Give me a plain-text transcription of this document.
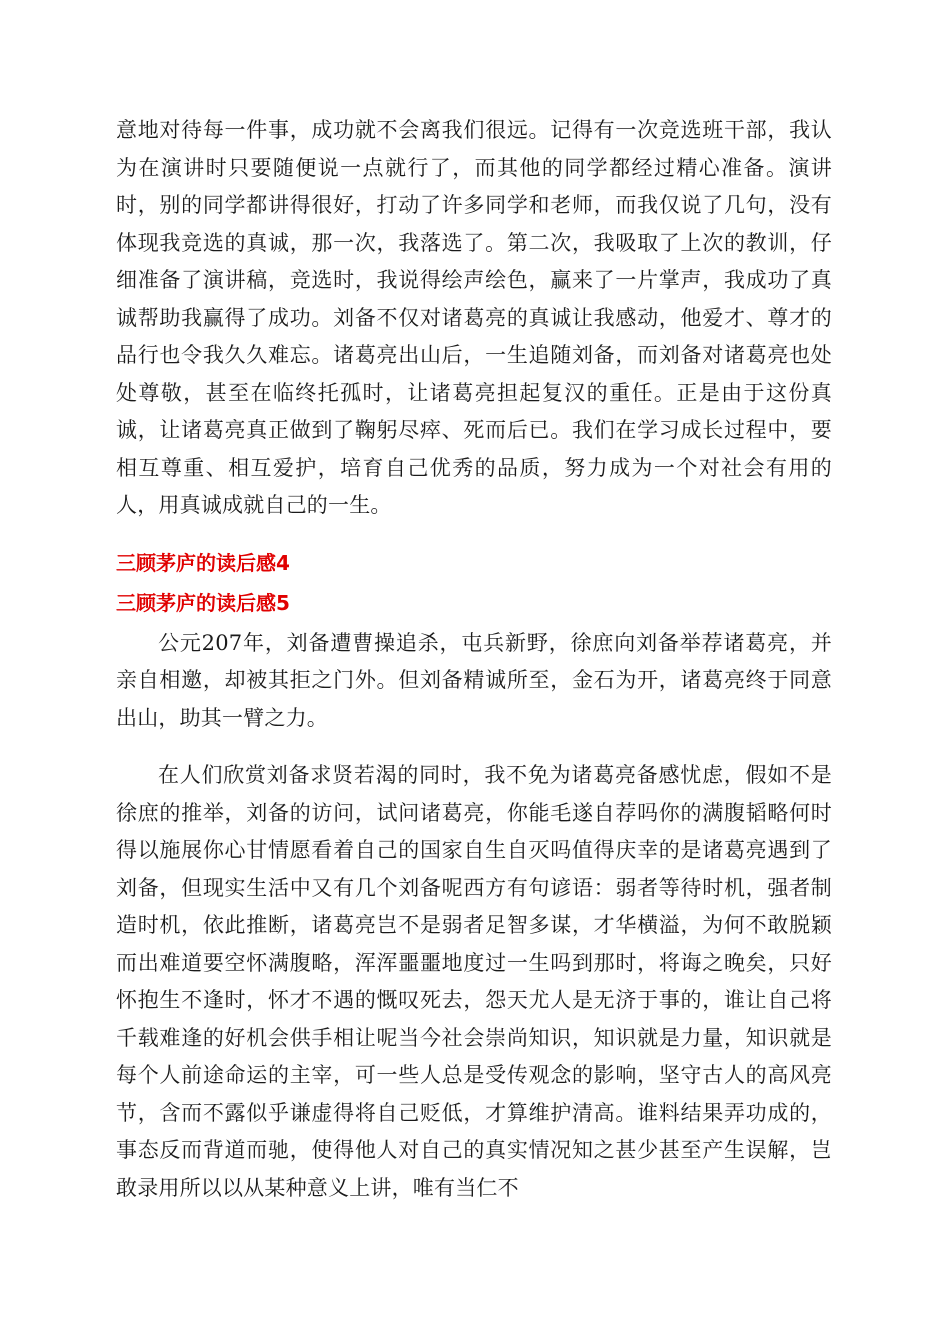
意地对待每一件事，成功就不会离我们很远。记得有一次竞选班干部，我认为在演讲时只要随便说一点就行了，而其他的同学都经过精心准备。演讲时，别的同学都讲得很好，打动了许多同学和老师，而我仅说了几句，没有体现我竞选的真诚，那一次，我落选了。第二次，我吸取了上次的教训，仔细准备了演讲稿，竞选时，我说得绘声绘色，赢来了一片掌声，我成功了真诚帮助我赢得了成功。刘备不仅对诸葛亮的真诚让我感动，他爱才、尊才的品行也令我久久难忘。诸葛亮出山后，一生追随刘备，而刘备对诸葛亮也处处尊敬，甚至在临终托孤时，让诸葛亮担起复汉的重任。正是由于这份真诚，让诸葛亮真正做到了鞠躬尽瘁、死而后已。我们在学习成长过程中，要相互尊重、相互爱护，培育自己优秀的品质，努力成为一个对社会有用的人，用真诚成就自己的一生。

三顾茅庐的读后感4
三顾茅庐的读后感5

公元207年，刘备遭曹操追杀，屯兵新野，徐庶向刘备举荐诸葛亮，并亲自相邀，却被其拒之门外。但刘备精诚所至，金石为开，诸葛亮终于同意出山，助其一臂之力。

在人们欣赏刘备求贤若渴的同时，我不免为诸葛亮备感忧虑，假如不是徐庶的推举，刘备的访问，试问诸葛亮，你能毛遂自荐吗你的满腹韬略何时得以施展你心甘情愿看着自己的国家自生自灭吗值得庆幸的是诸葛亮遇到了刘备，但现实生活中又有几个刘备呢西方有句谚语：弱者等待时机，强者制造时机，依此推断，诸葛亮岂不是弱者足智多谋，才华横溢，为何不敢脱颖而出难道要空怀满腹略，浑浑噩噩地度过一生吗到那时，将诲之晚矣，只好怀抱生不逢时，怀才不遇的慨叹死去，怨天尤人是无济于事的，谁让自己将千载难逢的好机会供手相让呢当今社会崇尚知识，知识就是力量，知识就是每个人前途命运的主宰，可一些人总是受传观念的影响，坚守古人的高风亮节，含而不露似乎谦虚得将自己贬低，才算维护清高。谁料结果弄功成的，事态反而背道而驰，使得他人对自己的真实情况知之甚少甚至产生误解，岂敢录用所以以从某种意义上讲，唯有当仁不
